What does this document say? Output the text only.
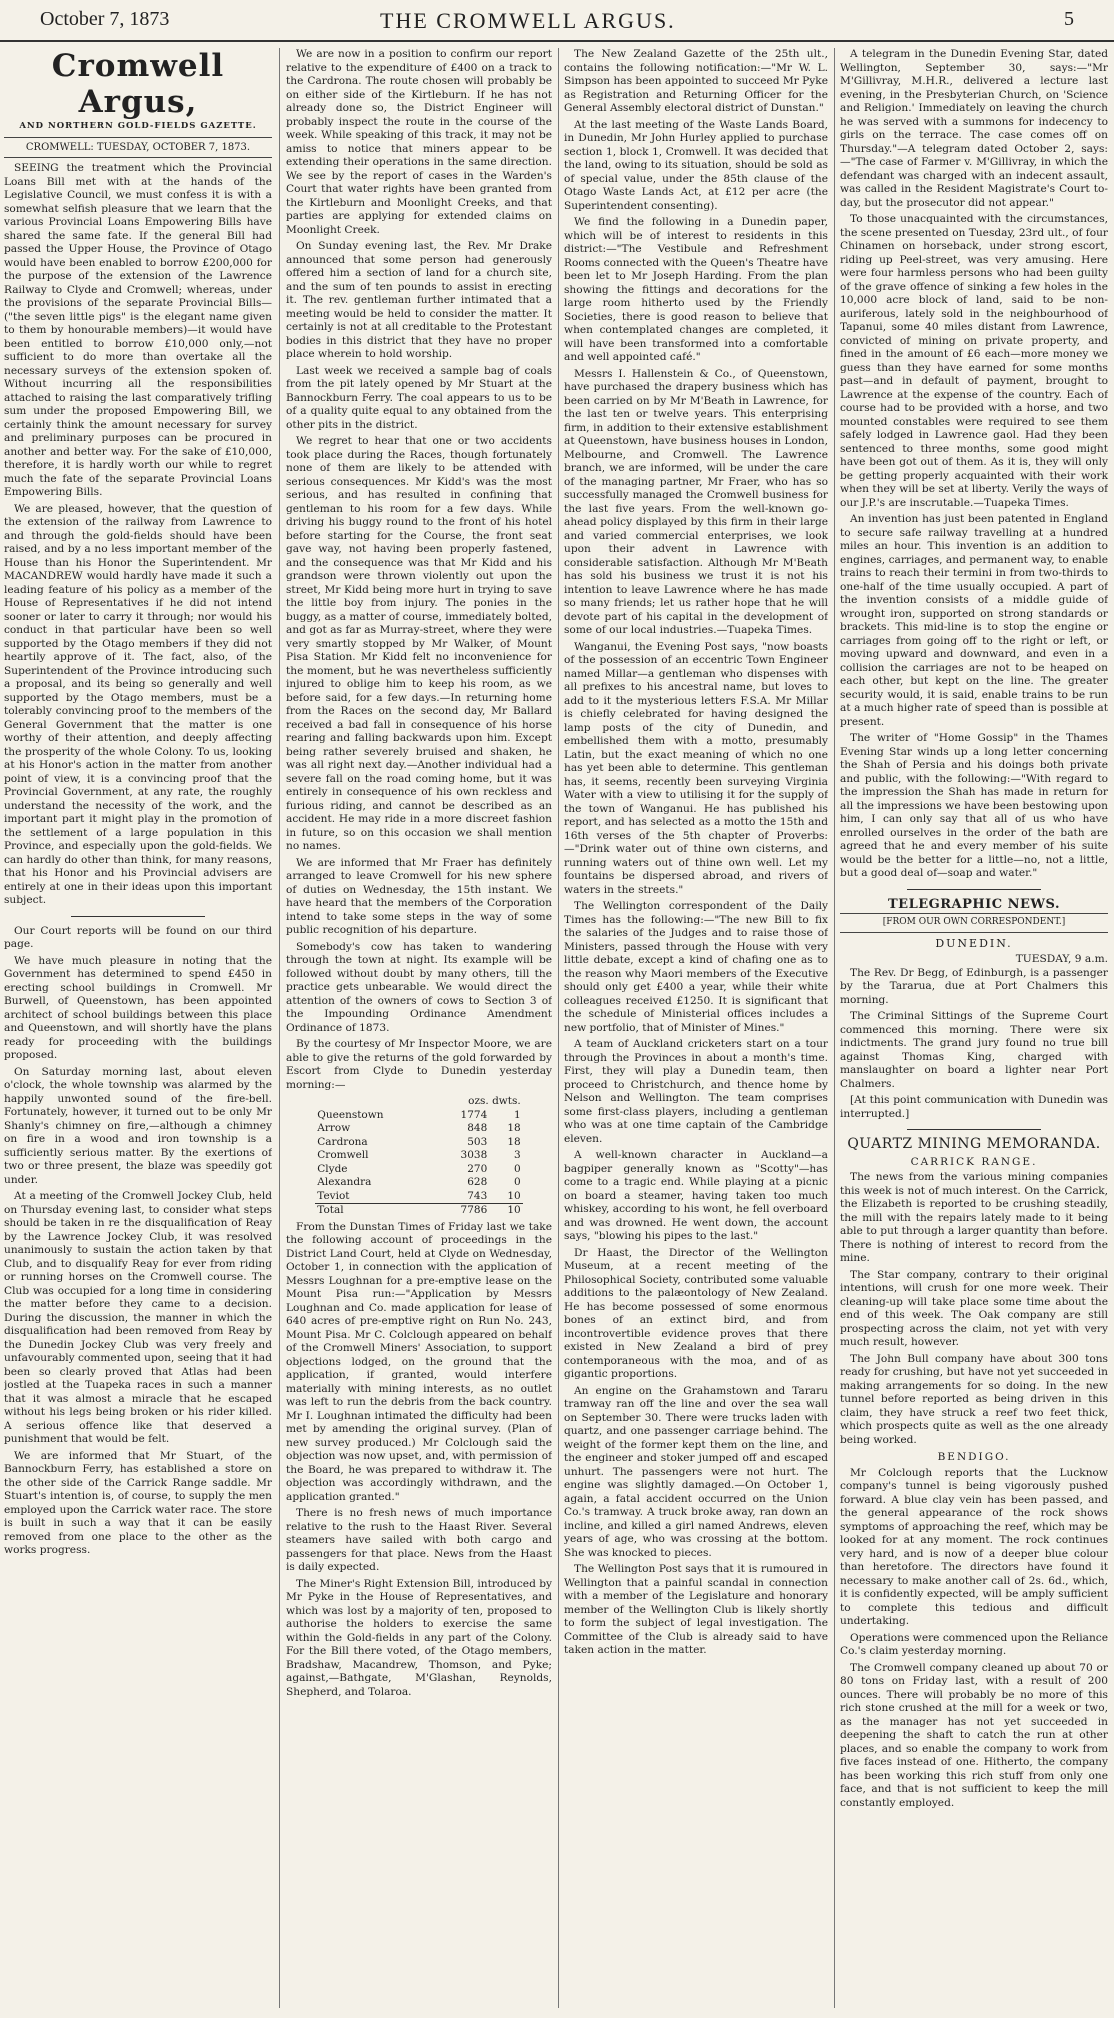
October 7, 1873	THE CROMWELL ARGUS.	5
Cromwell Argus,
AND NORTHERN GOLD-FIELDS GAZETTE.
CROMWELL: TUESDAY, OCTOBER 7, 1873.

SEEING the treatment which the Provincial Loans Bill met with at the hands of the Legislative Council, we must confess it is with a somewhat selfish pleasure that we learn that the various Provincial Loans Empowering Bills have shared the same fate. If the general Bill had passed the Upper House, the Province of Otago would have been enabled to borrow £200,000 for the purpose of the extension of the Lawrence Railway to Clyde and Cromwell; whereas, under the provisions of the separate Provincial Bills—("the seven little pigs" is the elegant name given to them by honourable members)—it would have been entitled to borrow £10,000 only,—not sufficient to do more than overtake all the necessary surveys of the extension spoken of. Without incurring all the responsibilities attached to raising the last comparatively trifling sum under the proposed Empowering Bill, we certainly think the amount necessary for survey and preliminary purposes can be procured in another and better way. For the sake of £10,000, therefore, it is hardly worth our while to regret much the fate of the separate Provincial Loans Empowering Bills.

We are pleased, however, that the question of the extension of the railway from Lawrence to and through the gold-fields should have been raised, and by a no less important member of the House than his Honor the Superintendent. Mr MACANDREW would hardly have made it such a leading feature of his policy as a member of the House of Representatives if he did not intend sooner or later to carry it through; nor would his conduct in that particular have been so well supported by the Otago members if they did not heartily approve of it. The fact, also, of the Superintendent of the Province introducing such a proposal, and its being so generally and well supported by the Otago members, must be a tolerably convincing proof to the members of the General Government that the matter is one worthy of their attention, and deeply affecting the prosperity of the whole Colony. To us, looking at his Honor's action in the matter from another point of view, it is a convincing proof that the Provincial Government, at any rate, the roughly understand the necessity of the work, and the important part it might play in the promotion of the settlement of a large population in this Province, and especially upon the gold-fields. We can hardly do other than think, for many reasons, that his Honor and his Provincial advisers are entirely at one in their ideas upon this important subject.

Our Court reports will be found on our third page.

We have much pleasure in noting that the Government has determined to spend £450 in erecting school buildings in Cromwell. Mr Burwell, of Queenstown, has been appointed architect of school buildings between this place and Queenstown, and will shortly have the plans ready for proceeding with the buildings proposed.

On Saturday morning last, about eleven o'clock, the whole township was alarmed by the happily unwonted sound of the fire-bell. Fortunately, however, it turned out to be only Mr Shanly's chimney on fire,—although a chimney on fire in a wood and iron township is a sufficiently serious matter. By the exertions of two or three present, the blaze was speedily got under.

At a meeting of the Cromwell Jockey Club, held on Thursday evening last, to consider what steps should be taken in re the disqualification of Reay by the Lawrence Jockey Club, it was resolved unanimously to sustain the action taken by that Club, and to disqualify Reay for ever from riding or running horses on the Cromwell course. The Club was occupied for a long time in considering the matter before they came to a decision. During the discussion, the manner in which the disqualification had been removed from Reay by the Dunedin Jockey Club was very freely and unfavourably commented upon, seeing that it had been so clearly proved that Atlas had been jostled at the Tuapeka races in such a manner that it was almost a miracle that he escaped without his legs being broken or his rider killed. A serious offence like that deserved a punishment that would be felt.

We are informed that Mr Stuart, of the Bannockburn Ferry, has established a store on the other side of the Carrick Range saddle. Mr Stuart's intention is, of course, to supply the men employed upon the Carrick water race. The store is built in such a way that it can be easily removed from one place to the other as the works progress.

We are now in a position to confirm our report relative to the expenditure of £400 on a track to the Cardrona. The route chosen will probably be on either side of the Kirtleburn. If he has not already done so, the District Engineer will probably inspect the route in the course of the week. While speaking of this track, it may not be amiss to notice that miners appear to be extending their operations in the same direction. We see by the report of cases in the Warden's Court that water rights have been granted from the Kirtleburn and Moonlight Creeks, and that parties are applying for extended claims on Moonlight Creek.

On Sunday evening last, the Rev. Mr Drake announced that some person had generously offered him a section of land for a church site, and the sum of ten pounds to assist in erecting it. The rev. gentleman further intimated that a meeting would be held to consider the matter. It certainly is not at all creditable to the Protestant bodies in this district that they have no proper place wherein to hold worship.

Last week we received a sample bag of coals from the pit lately opened by Mr Stuart at the Bannockburn Ferry. The coal appears to us to be of a quality quite equal to any obtained from the other pits in the district.

We regret to hear that one or two accidents took place during the Races, though fortunately none of them are likely to be attended with serious consequences. Mr Kidd's was the most serious, and has resulted in confining that gentleman to his room for a few days. While driving his buggy round to the front of his hotel before starting for the Course, the front seat gave way, not having been properly fastened, and the consequence was that Mr Kidd and his grandson were thrown violently out upon the street, Mr Kidd being more hurt in trying to save the little boy from injury. The ponies in the buggy, as a matter of course, immediately bolted, and got as far as Murray-street, where they were very smartly stopped by Mr Walker, of Mount Pisa Station. Mr Kidd felt no inconvenience for the moment, but he was nevertheless sufficiently injured to oblige him to keep his room, as we before said, for a few days.—In returning home from the Races on the second day, Mr Ballard received a bad fall in consequence of his horse rearing and falling backwards upon him. Except being rather severely bruised and shaken, he was all right next day.—Another individual had a severe fall on the road coming home, but it was entirely in consequence of his own reckless and furious riding, and cannot be described as an accident. He may ride in a more discreet fashion in future, so on this occasion we shall mention no names.

We are informed that Mr Fraer has definitely arranged to leave Cromwell for his new sphere of duties on Wednesday, the 15th instant. We have heard that the members of the Corporation intend to take some steps in the way of some public recognition of his departure.

Somebody's cow has taken to wandering through the town at night. Its example will be followed without doubt by many others, till the practice gets unbearable. We would direct the attention of the owners of cows to Section 3 of the Impounding Ordinance Amendment Ordinance of 1873.

By the courtesy of Mr Inspector Moore, we are able to give the returns of the gold forwarded by Escort from Clyde to Dunedin yesterday morning:—

	ozs. dwts.	
Queenstown	1774	1
Arrow	848	18
Cardrona	503	18
Cromwell	3038	3
Clyde	270	0
Alexandra	628	0
Teviot	743	10
Total	7786	10

From the Dunstan Times of Friday last we take the following account of proceedings in the District Land Court, held at Clyde on Wednesday, October 1, in connection with the application of Messrs Loughnan for a pre-emptive lease on the Mount Pisa run:—"Application by Messrs Loughnan and Co. made application for lease of 640 acres of pre-emptive right on Run No. 243, Mount Pisa. Mr C. Colclough appeared on behalf of the Cromwell Miners' Association, to support objections lodged, on the ground that the application, if granted, would interfere materially with mining interests, as no outlet was left to run the debris from the back country. Mr I. Loughnan intimated the difficulty had been met by amending the original survey. (Plan of new survey produced.) Mr Colclough said the objection was now upset, and, with permission of the Board, he was prepared to withdraw it. The objection was accordingly withdrawn, and the application granted."

There is no fresh news of much importance relative to the rush to the Haast River. Several steamers have sailed with both cargo and passengers for that place. News from the Haast is daily expected.

The Miner's Right Extension Bill, introduced by Mr Pyke in the House of Representatives, and which was lost by a majority of ten, proposed to authorise the holders to exercise the same within the Gold-fields in any part of the Colony. For the Bill there voted, of the Otago members, Bradshaw, Macandrew, Thomson, and Pyke; against,—Bathgate, M'Glashan, Reynolds, Shepherd, and Tolaroa.

The New Zealand Gazette of the 25th ult., contains the following notification:—"Mr W. L. Simpson has been appointed to succeed Mr Pyke as Registration and Returning Officer for the General Assembly electoral district of Dunstan."

At the last meeting of the Waste Lands Board, in Dunedin, Mr John Hurley applied to purchase section 1, block 1, Cromwell. It was decided that the land, owing to its situation, should be sold as of special value, under the 85th clause of the Otago Waste Lands Act, at £12 per acre (the Superintendent consenting).

We find the following in a Dunedin paper, which will be of interest to residents in this district:—"The Vestibule and Refreshment Rooms connected with the Queen's Theatre have been let to Mr Joseph Harding. From the plan showing the fittings and decorations for the large room hitherto used by the Friendly Societies, there is good reason to believe that when contemplated changes are completed, it will have been transformed into a comfortable and well appointed café."

Messrs I. Hallenstein & Co., of Queenstown, have purchased the drapery business which has been carried on by Mr M'Beath in Lawrence, for the last ten or twelve years. This enterprising firm, in addition to their extensive establishment at Queenstown, have business houses in London, Melbourne, and Cromwell. The Lawrence branch, we are informed, will be under the care of the managing partner, Mr Fraer, who has so successfully managed the Cromwell business for the last five years. From the well-known go-ahead policy displayed by this firm in their large and varied commercial enterprises, we look upon their advent in Lawrence with considerable satisfaction. Although Mr M'Beath has sold his business we trust it is not his intention to leave Lawrence where he has made so many friends; let us rather hope that he will devote part of his capital in the development of some of our local industries.—Tuapeka Times.

Wanganui, the Evening Post says, "now boasts of the possession of an eccentric Town Engineer named Millar—a gentleman who dispenses with all prefixes to his ancestral name, but loves to add to it the mysterious letters F.S.A. Mr Millar is chiefly celebrated for having designed the lamp posts of the city of Dunedin, and embellished them with a motto, presumably Latin, but the exact meaning of which no one has yet been able to determine. This gentleman has, it seems, recently been surveying Virginia Water with a view to utilising it for the supply of the town of Wanganui. He has published his report, and has selected as a motto the 15th and 16th verses of the 5th chapter of Proverbs:—"Drink water out of thine own cisterns, and running waters out of thine own well. Let my fountains be dispersed abroad, and rivers of waters in the streets."

The Wellington correspondent of the Daily Times has the following:—"The new Bill to fix the salaries of the Judges and to raise those of Ministers, passed through the House with very little debate, except a kind of chafing one as to the reason why Maori members of the Executive should only get £400 a year, while their white colleagues received £1250. It is significant that the schedule of Ministerial offices includes a new portfolio, that of Minister of Mines."

A team of Auckland cricketers start on a tour through the Provinces in about a month's time. First, they will play a Dunedin team, then proceed to Christchurch, and thence home by Nelson and Wellington. The team comprises some first-class players, including a gentleman who was at one time captain of the Cambridge eleven.

A well-known character in Auckland—a bagpiper generally known as "Scotty"—has come to a tragic end. While playing at a picnic on board a steamer, having taken too much whiskey, according to his wont, he fell overboard and was drowned. He went down, the account says, "blowing his pipes to the last."

Dr Haast, the Director of the Wellington Museum, at a recent meeting of the Philosophical Society, contributed some valuable additions to the palæontology of New Zealand. He has become possessed of some enormous bones of an extinct bird, and from incontrovertible evidence proves that there existed in New Zealand a bird of prey contemporaneous with the moa, and of as gigantic proportions.

An engine on the Grahamstown and Tararu tramway ran off the line and over the sea wall on September 30. There were trucks laden with quartz, and one passenger carriage behind. The weight of the former kept them on the line, and the engineer and stoker jumped off and escaped unhurt. The passengers were not hurt. The engine was slightly damaged.—On October 1, again, a fatal accident occurred on the Union Co.'s tramway. A truck broke away, ran down an incline, and killed a girl named Andrews, eleven years of age, who was crossing at the bottom. She was knocked to pieces.

The Wellington Post says that it is rumoured in Wellington that a painful scandal in connection with a member of the Legislature and honorary member of the Wellington Club is likely shortly to form the subject of legal investigation. The Committee of the Club is already said to have taken action in the matter.

A telegram in the Dunedin Evening Star, dated Wellington, September 30, says:—"Mr M'Gillivray, M.H.R., delivered a lecture last evening, in the Presbyterian Church, on 'Science and Religion.' Immediately on leaving the church he was served with a summons for indecency to girls on the terrace. The case comes off on Thursday."—A telegram dated October 2, says:—"The case of Farmer v. M'Gillivray, in which the defendant was charged with an indecent assault, was called in the Resident Magistrate's Court to-day, but the prosecutor did not appear."

To those unacquainted with the circumstances, the scene presented on Tuesday, 23rd ult., of four Chinamen on horseback, under strong escort, riding up Peel-street, was very amusing. Here were four harmless persons who had been guilty of the grave offence of sinking a few holes in the 10,000 acre block of land, said to be non-auriferous, lately sold in the neighbourhood of Tapanui, some 40 miles distant from Lawrence, convicted of mining on private property, and fined in the amount of £6 each—more money we guess than they have earned for some months past—and in default of payment, brought to Lawrence at the expense of the country. Each of course had to be provided with a horse, and two mounted constables were required to see them safely lodged in Lawrence gaol. Had they been sentenced to three months, some good might have been got out of them. As it is, they will only be getting properly acquainted with their work when they will be set at liberty. Verily the ways of our J.P.'s are inscrutable.—Tuapeka Times.

An invention has just been patented in England to secure safe railway travelling at a hundred miles an hour. This invention is an addition to engines, carriages, and permanent way, to enable trains to reach their termini in from two-thirds to one-half of the time usually occupied. A part of the invention consists of a middle guide of wrought iron, supported on strong standards or brackets. This mid-line is to stop the engine or carriages from going off to the right or left, or moving upward and downward, and even in a collision the carriages are not to be heaped on each other, but kept on the line. The greater security would, it is said, enable trains to be run at a much higher rate of speed than is possible at present.

The writer of "Home Gossip" in the Thames Evening Star winds up a long letter concerning the Shah of Persia and his doings both private and public, with the following:—"With regard to the impression the Shah has made in return for all the impressions we have been bestowing upon him, I can only say that all of us who have enrolled ourselves in the order of the bath are agreed that he and every member of his suite would be the better for a little—no, not a little, but a good deal of—soap and water."

TELEGRAPHIC NEWS.
[FROM OUR OWN CORRESPONDENT.]
DUNEDIN.
TUESDAY, 9 a.m.

The Rev. Dr Begg, of Edinburgh, is a passenger by the Tararua, due at Port Chalmers this morning.

The Criminal Sittings of the Supreme Court commenced this morning. There were six indictments. The grand jury found no true bill against Thomas King, charged with manslaughter on board a lighter near Port Chalmers.

[At this point communication with Dunedin was interrupted.]

QUARTZ MINING MEMORANDA.
CARRICK RANGE.

The news from the various mining companies this week is not of much interest. On the Carrick, the Elizabeth is reported to be crushing steadily, the mill with the repairs lately made to it being able to put through a larger quantity than before. There is nothing of interest to record from the mine.

The Star company, contrary to their original intentions, will crush for one more week. Their cleaning-up will take place some time about the end of this week. The Oak company are still prospecting across the claim, not yet with very much result, however.

The John Bull company have about 300 tons ready for crushing, but have not yet succeeded in making arrangements for so doing. In the new tunnel before reported as being driven in this claim, they have struck a reef two feet thick, which prospects quite as well as the one already being worked.

BENDIGO.

Mr Colclough reports that the Lucknow company's tunnel is being vigorously pushed forward. A blue clay vein has been passed, and the general appearance of the rock shows symptoms of approaching the reef, which may be looked for at any moment. The rock continues very hard, and is now of a deeper blue colour than heretofore. The directors have found it necessary to make another call of 2s. 6d., which, it is confidently expected, will be amply sufficient to complete this tedious and difficult undertaking.

Operations were commenced upon the Reliance Co.'s claim yesterday morning.

The Cromwell company cleaned up about 70 or 80 tons on Friday last, with a result of 200 ounces. There will probably be no more of this rich stone crushed at the mill for a week or two, as the manager has not yet succeeded in deepening the shaft to catch the run at other places, and so enable the company to work from five faces instead of one. Hitherto, the company has been working this rich stuff from only one face, and that is not sufficient to keep the mill constantly employed.
